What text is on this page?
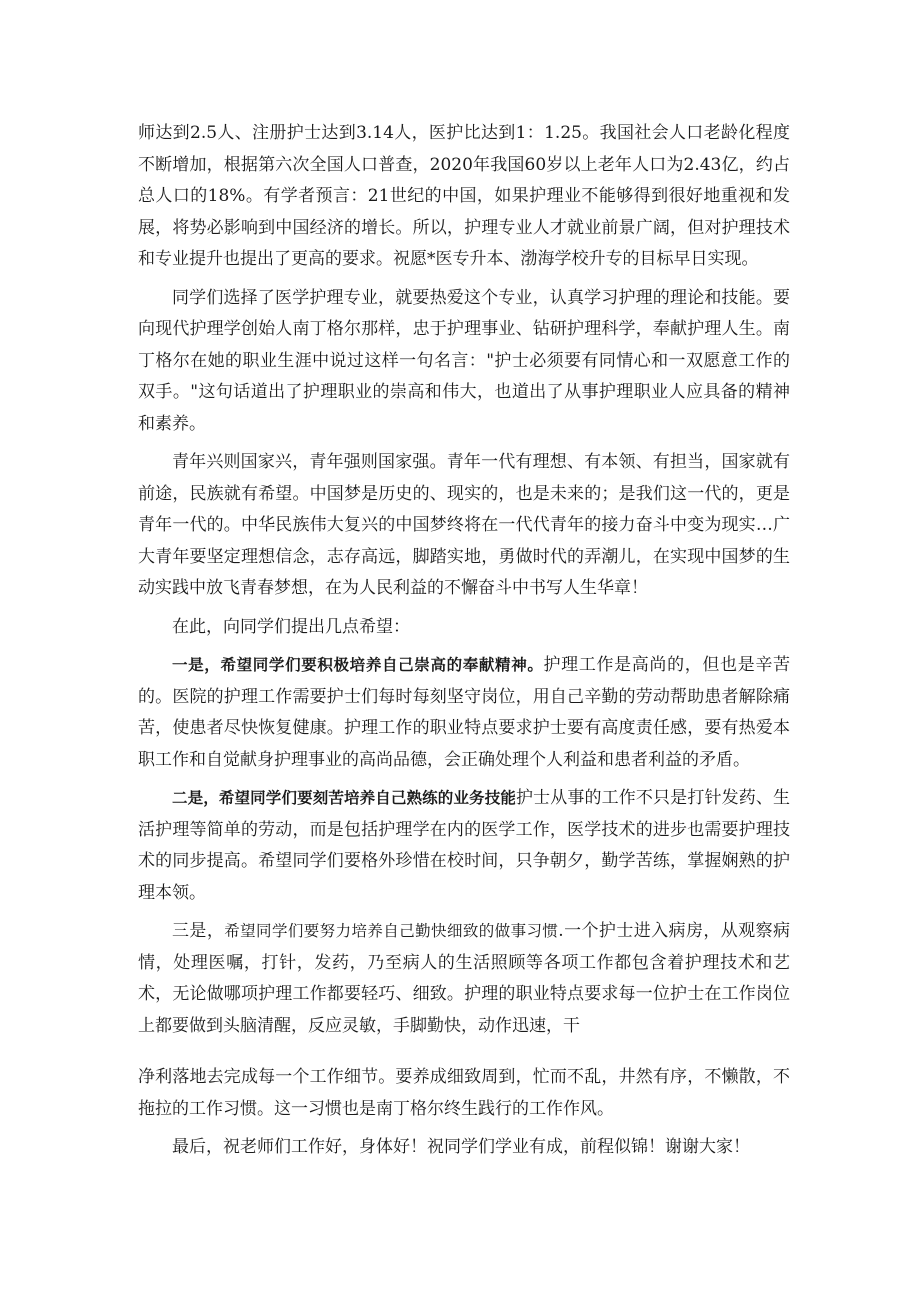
师达到2.5人、注册护士达到3.14人，医护比达到1：1.25。我国社会人口老龄化程度不断增加，根据第六次全国人口普查，2020年我国60岁以上老年人口为2.43亿，约占总人口的18%。有学者预言：21世纪的中国，如果护理业不能够得到很好地重视和发展，将势必影响到中国经济的增长。所以，护理专业人才就业前景广阔，但对护理技术和专业提升也提出了更高的要求。祝愿*医专升本、渤海学校升专的目标早日实现。

同学们选择了医学护理专业，就要热爱这个专业，认真学习护理的理论和技能。要向现代护理学创始人南丁格尔那样，忠于护理事业、钻研护理科学，奉献护理人生。南丁格尔在她的职业生涯中说过这样一句名言："护士必须要有同情心和一双愿意工作的双手。"这句话道出了护理职业的崇高和伟大，也道出了从事护理职业人应具备的精神和素养。

青年兴则国家兴，青年强则国家强。青年一代有理想、有本领、有担当，国家就有前途，民族就有希望。中国梦是历史的、现实的，也是未来的；是我们这一代的，更是青年一代的。中华民族伟大复兴的中国梦终将在一代代青年的接力奋斗中变为现实…广大青年要坚定理想信念，志存高远，脚踏实地，勇做时代的弄潮儿，在实现中国梦的生动实践中放飞青春梦想，在为人民利益的不懈奋斗中书写人生华章！

在此，向同学们提出几点希望：

一是，希望同学们要积极培养自己崇高的奉献精神。护理工作是高尚的，但也是辛苦的。医院的护理工作需要护士们每时每刻坚守岗位，用自己辛勤的劳动帮助患者解除痛苦，使患者尽快恢复健康。护理工作的职业特点要求护士要有高度责任感，要有热爱本职工作和自觉献身护理事业的高尚品德，会正确处理个人利益和患者利益的矛盾。

二是，希望同学们要刻苦培养自己熟练的业务技能护士从事的工作不只是打针发药、生活护理等简单的劳动，而是包括护理学在内的医学工作，医学技术的进步也需要护理技术的同步提高。希望同学们要格外珍惜在校时间，只争朝夕，勤学苦练，掌握娴熟的护理本领。

三是，希望同学们要努力培养自己勤快细致的做事习惯.一个护士进入病房，从观察病情，处理医嘱，打针，发药，乃至病人的生活照顾等各项工作都包含着护理技术和艺术，无论做哪项护理工作都要轻巧、细致。护理的职业特点要求每一位护士在工作岗位上都要做到头脑清醒，反应灵敏，手脚勤快，动作迅速，干

净利落地去完成每一个工作细节。要养成细致周到，忙而不乱，井然有序，不懒散，不拖拉的工作习惯。这一习惯也是南丁格尔终生践行的工作作风。

最后，祝老师们工作好，身体好！祝同学们学业有成，前程似锦！谢谢大家！
